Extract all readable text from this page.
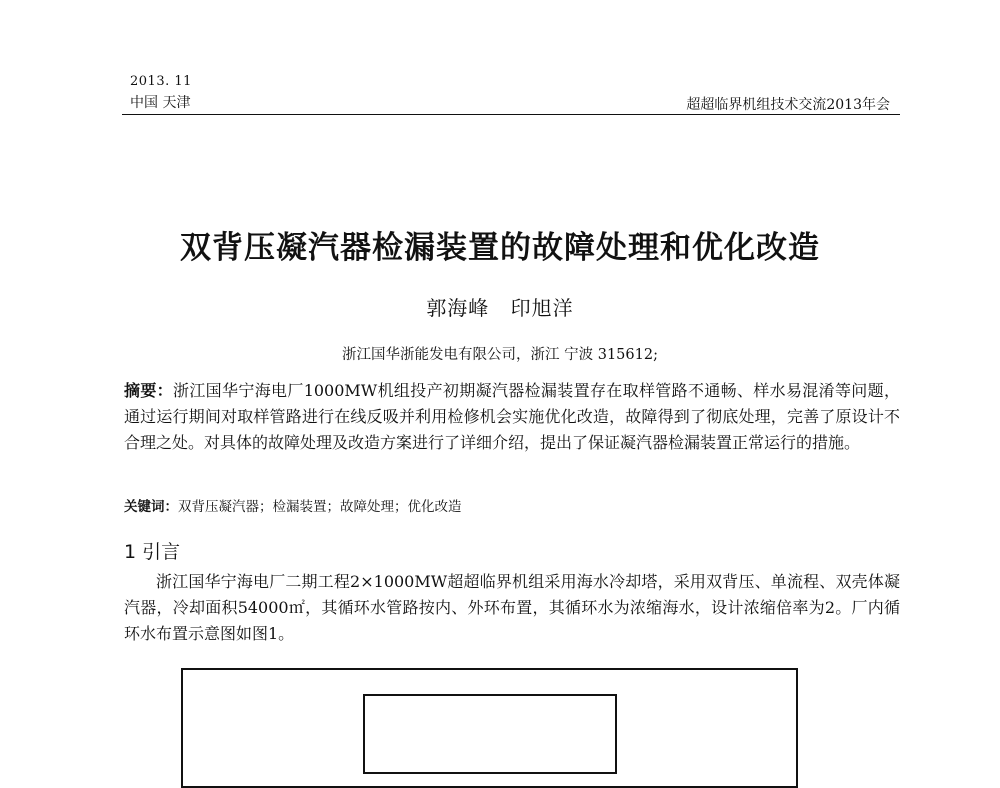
2013. 11
中国 天津	超超临界机组技术交流2013年会
双背压凝汽器检漏装置的故障处理和优化改造
郭海峰 印旭洋
浙江国华浙能发电有限公司，浙江 宁波 315612;
摘要：浙江国华宁海电厂1000MW机组投产初期凝汽器检漏装置存在取样管路不通畅、样水易混淆等问题，通过运行期间对取样管路进行在线反吸并利用检修机会实施优化改造，故障得到了彻底处理，完善了原设计不合理之处。对具体的故障处理及改造方案进行了详细介绍，提出了保证凝汽器检漏装置正常运行的措施。
关键词：双背压凝汽器；检漏装置；故障处理；优化改造
1 引言
浙江国华宁海电厂二期工程2×1000MW超超临界机组采用海水冷却塔，采用双背压、单流程、双壳体凝汽器，冷却面积54000㎡，其循环水管路按内、外环布置，其循环水为浓缩海水，设计浓缩倍率为2。厂内循环水布置示意图如图1。
